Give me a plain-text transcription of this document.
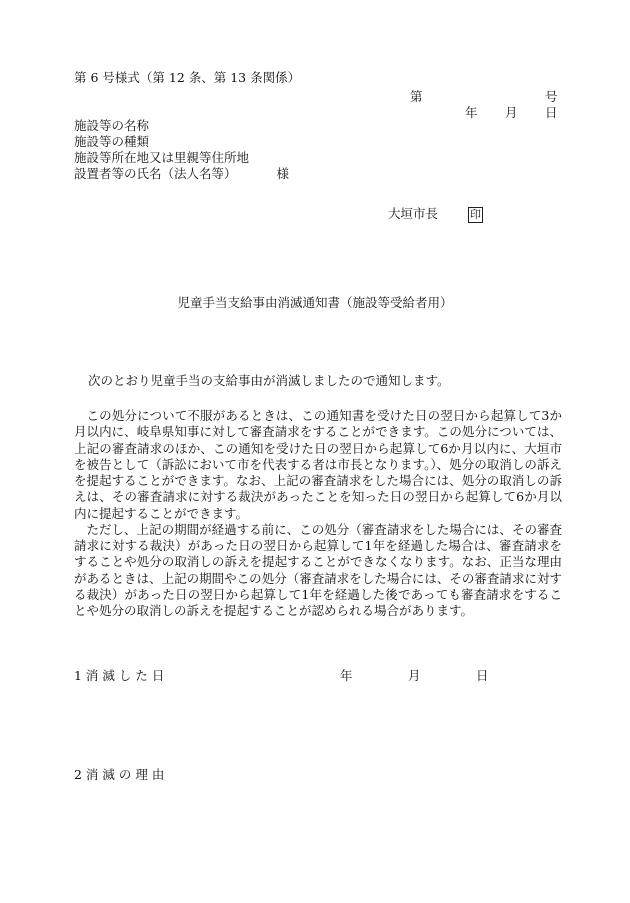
第 6 号様式（第 12 条、第 13 条関係）
第	号
年 月 日
施設等の名称
施設等の種類
施設等所在地又は里親等住所地
設置者等の氏名（法人名等）	様
大垣市長	印
児童手当支給事由消滅通知書（施設等受給者用）
次のとおり児童手当の支給事由が消滅しましたので通知します。

この処分について不服があるときは、この通知書を受けた日の翌日から起算して3か月以内に、岐阜県知事に対して審査請求をすることができます。この処分については、上記の審査請求のほか、この通知を受けた日の翌日から起算して6か月以内に、大垣市を被告として（訴訟において市を代表する者は市長となります。）、処分の取消しの訴えを提起することができます。なお、上記の審査請求をした場合には、処分の取消しの訴えは、その審査請求に対する裁決があったことを知った日の翌日から起算して6か月以内に提起することができます。

ただし、上記の期間が経過する前に、この処分（審査請求をした場合には、その審査請求に対する裁決）があった日の翌日から起算して1年を経過した場合は、審査請求をすることや処分の取消しの訴えを提起することができなくなります。なお、正当な理由があるときは、上記の期間やこの処分（審査請求をした場合には、その審査請求に対する裁決）があった日の翌日から起算して1年を経過した後であっても審査請求をすることや処分の取消しの訴えを提起することが認められる場合があります。

1 消 滅 し た 日	年	月	日
2 消 滅 の 理 由
